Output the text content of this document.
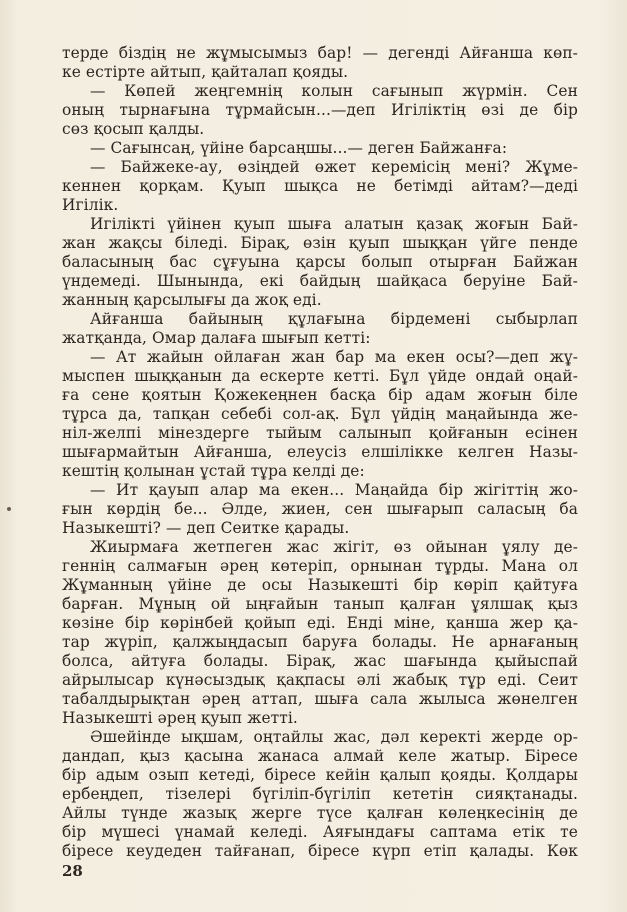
терде біздің не жұмысымыз бар! — дегенді Айғанша көп-
ке естірте айтып, қайталап қояды.
— Көпей жеңгемнің колын сағынып жүрмін. Сен
оның тырнағына тұрмайсын...—деп Игіліктің өзі де бір
сөз қосып қалды.
— Сағынсаң, үйіне барсаңшы...— деген Байжанға:
— Байжеке-ау, өзіңдей өжет керемісің мені? Жұме-
кеннен қорқам. Қуып шықса не бетімді айтам?—деді
Игілік.
Игілікті үйінен қуып шыға алатын қазақ жоғын Бай-
жан жақсы біледі. Бірақ, өзін қуып шыққан үйге пенде
баласының бас сұғуына қарсы болып отырған Байжан
үндемеді. Шынында, екі байдың шайқаса беруіне Бай-
жанның қарсылығы да жоқ еді.
Айғанша байының құлағына бірдемені сыбырлап
жатқанда, Омар далаға шығып кетті:
— Ат жайын ойлаған жан бар ма екен осы?—деп жұ-
мыспен шыққанын да ескерте кетті. Бұл үйде ондай оңай-
ға сене қоятын Қожекеңнен басқа бір адам жоғын біле
тұрса да, тапқан себебі сол-ақ. Бұл үйдің маңайында же-
ніл-желпі мінездерге тыйым салынып қойғанын есінен
шығармайтын Айғанша, елеусіз елшілікке келген Назы-
кештің қолынан ұстай тұра келді де:
— Ит қауып алар ма екен... Маңайда бір жігіттің жо-
ғын көрдің бе... Әлде, жиен, сен шығарып саласың ба
Назыкешті? — деп Сеитке қарады.
Жиырмаға жетпеген жас жігіт, өз ойынан ұялу де-
геннің салмағын әрең көтеріп, орнынан тұрды. Мана ол
Жұманның үйіне де осы Назыкешті бір көріп қайтуға
барған. Мұның ой ыңғайын танып қалған ұялшақ қыз
көзіне бір көрінбей қойып еді. Енді міне, қанша жер қа-
тар жүріп, қалжыңдасып баруға болады. Не арнағаның
болса, айтуға болады. Бірақ, жас шағында қыйыспай
айрылысар күнәсыздық қақпасы әлі жабық тұр еді. Сеит
табалдырықтан әрең аттап, шыға сала жылыса жөнелген
Назыкешті әрең қуып жетті.
Әшейінде ықшам, оңтайлы жас, дәл керекті жерде ор-
дандап, қыз қасына жанаса алмай келе жатыр. Біресе
бір адым озып кетеді, біресе кейін қалып қояды. Қолдары
ербеңдеп, тізелері бүгіліп-бүгіліп кететін сияқтанады.
Айлы түнде жазық жерге түсе қалған көлеңкесінің де
бір мүшесі үнамай келеді. Аяғындағы саптама етік те
біресе кеудеден тайғанап, біресе күрп етіп қалады. Көк
28
